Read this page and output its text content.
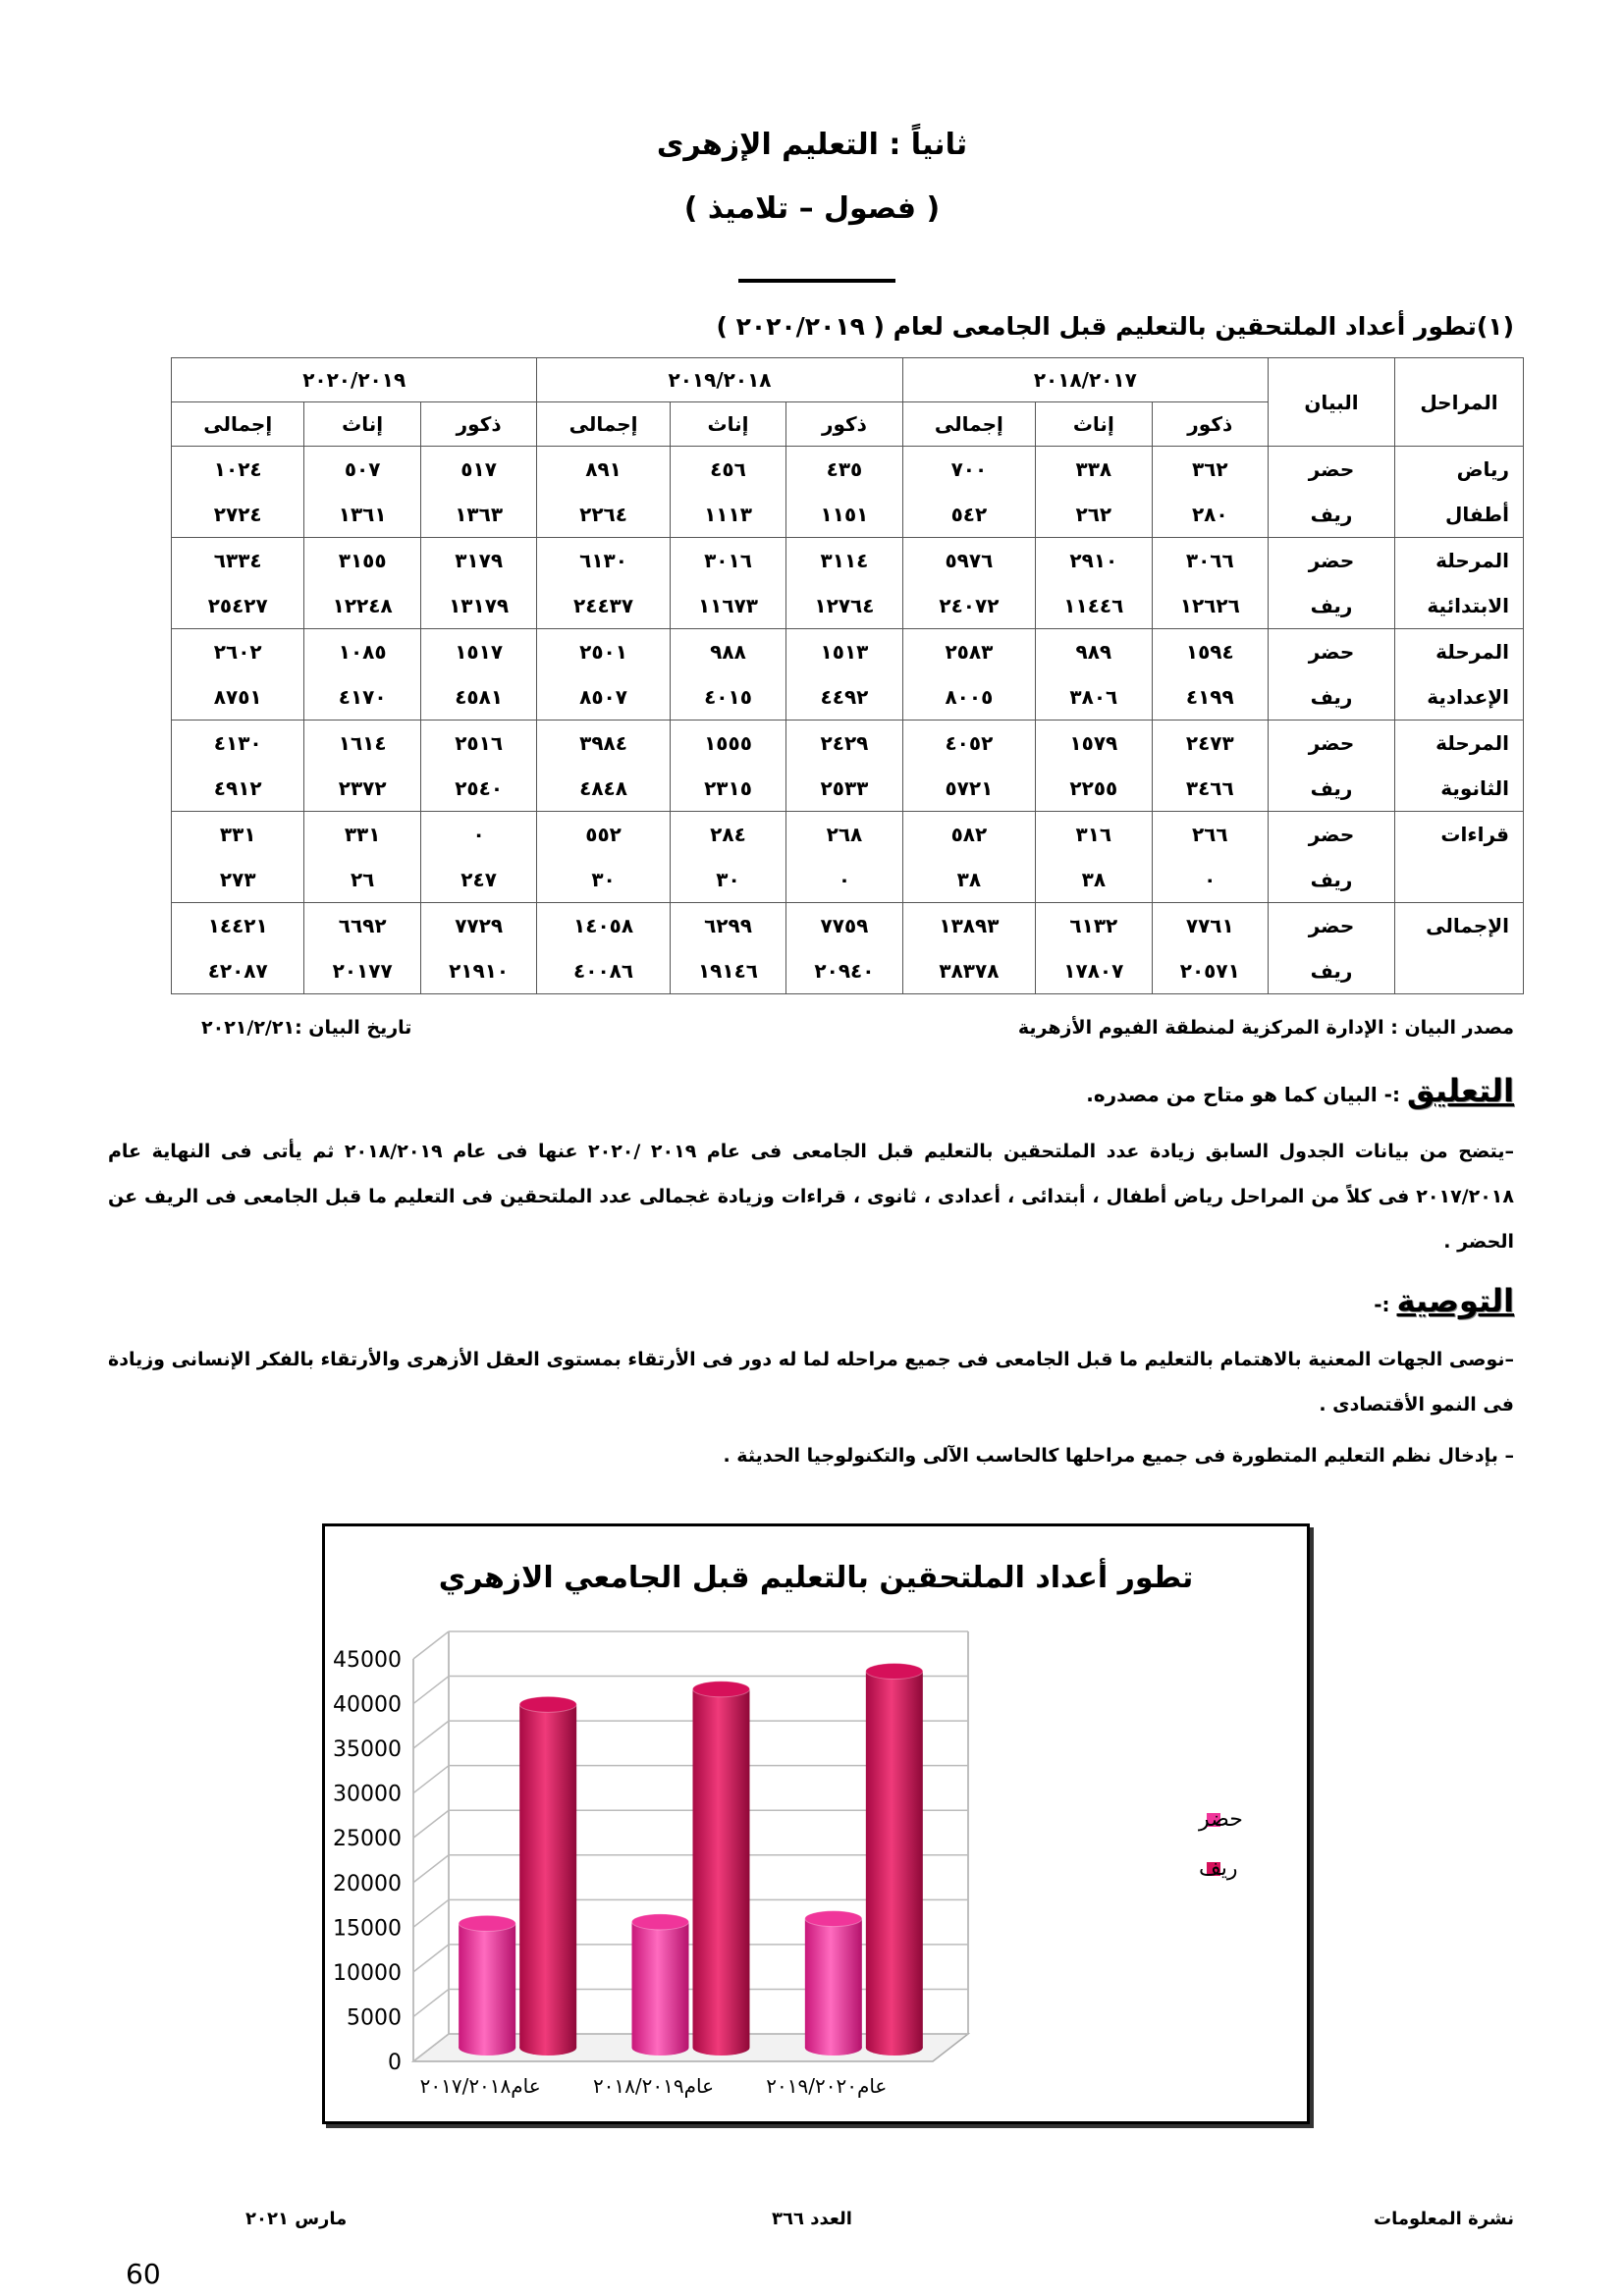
ثانياً : التعليم الإزهرى
( فصول – تلاميذ )
(١)تطور أعداد الملتحقين بالتعليم قبل الجامعى لعام ( ٢٠٢٠/٢٠١٩ )
المراحل	البيان	٢٠١٨/٢٠١٧			٢٠١٩/٢٠١٨			٢٠٢٠/٢٠١٩		
		ذكور	إناث	إجمالى	ذكور	إناث	إجمالى	ذكور	إناث	إجمالى

رياض
أطفال	حضر	٣٦٢	٣٣٨	٧٠٠	٤٣٥	٤٥٦	٨٩١	٥١٧	٥٠٧	١٠٢٤
	ريف	٢٨٠	٢٦٢	٥٤٢	١١٥١	١١١٣	٢٢٦٤	١٣٦٣	١٣٦١	٢٧٢٤

المرحلة
الابتدائية	حضر	٣٠٦٦	٢٩١٠	٥٩٧٦	٣١١٤	٣٠١٦	٦١٣٠	٣١٧٩	٣١٥٥	٦٣٣٤
	ريف	١٢٦٢٦	١١٤٤٦	٢٤٠٧٢	١٢٧٦٤	١١٦٧٣	٢٤٤٣٧	١٣١٧٩	١٢٢٤٨	٢٥٤٢٧

المرحلة
الإعدادية	حضر	١٥٩٤	٩٨٩	٢٥٨٣	١٥١٣	٩٨٨	٢٥٠١	١٥١٧	١٠٨٥	٢٦٠٢
	ريف	٤١٩٩	٣٨٠٦	٨٠٠٥	٤٤٩٢	٤٠١٥	٨٥٠٧	٤٥٨١	٤١٧٠	٨٧٥١

المرحلة
الثانوية	حضر	٢٤٧٣	١٥٧٩	٤٠٥٢	٢٤٢٩	١٥٥٥	٣٩٨٤	٢٥١٦	١٦١٤	٤١٣٠
	ريف	٣٤٦٦	٢٢٥٥	٥٧٢١	٢٥٣٣	٢٣١٥	٤٨٤٨	٢٥٤٠	٢٣٧٢	٤٩١٢

قراءات	حضر	٢٦٦	٣١٦	٥٨٢	٢٦٨	٢٨٤	٥٥٢	٠	٣٣١	٣٣١
	ريف	٠	٣٨	٣٨	٠	٣٠	٣٠	٢٤٧	٢٦	٢٧٣

الإجمالى	حضر	٧٧٦١	٦١٣٢	١٣٨٩٣	٧٧٥٩	٦٢٩٩	١٤٠٥٨	٧٧٢٩	٦٦٩٢	١٤٤٢١
	ريف	٢٠٥٧١	١٧٨٠٧	٣٨٣٧٨	٢٠٩٤٠	١٩١٤٦	٤٠٠٨٦	٢١٩١٠	٢٠١٧٧	٤٢٠٨٧
مصدر البيان : الإدارة المركزية لمنطقة الفيوم الأزهرية
تاريخ البيان :٢٠٢١/٢/٢١
التعليق :- البيان كما هو متاح من مصدره.
–يتضح من بيانات الجدول السابق زيادة عدد الملتحقين بالتعليم قبل الجامعى فى عام ٢٠١٩ /٢٠٢٠ عنها فى عام ٢٠١٨/٢٠١٩ ثم يأتى فى النهاية عام ٢٠١٧/٢٠١٨ فى كلاً من المراحل رياض أطفال ، أبتدائى ، أعدادى ، ثانوى ، قراءات وزيادة غجمالى عدد الملتحقين فى التعليم ما قبل الجامعى فى الريف عن الحضر .
التوصية :-
–نوصى الجهات المعنية بالاهتمام بالتعليم ما قبل الجامعى فى جميع مراحله لما له دور فى الأرتقاء بمستوى العقل الأزهرى والأرتقاء بالفكر الإنسانى وزيادة فى النمو الأقتصادى .
– بإدخال نظم التعليم المتطورة فى جميع مراحلها كالحاسب الآلى والتكنولوجيا الحديثة .
تطور أعداد الملتحقين بالتعليم قبل الجامعي الازهري
0
5000
10000
15000
20000
25000
30000
35000
40000
45000
عام٢٠١٧/٢٠١٨	عام٢٠١٨/٢٠١٩	عام٢٠١٩/٢٠٢٠
حضر
ريف
نشرة المعلومات
العدد ٣٦٦
مارس ٢٠٢١
60
